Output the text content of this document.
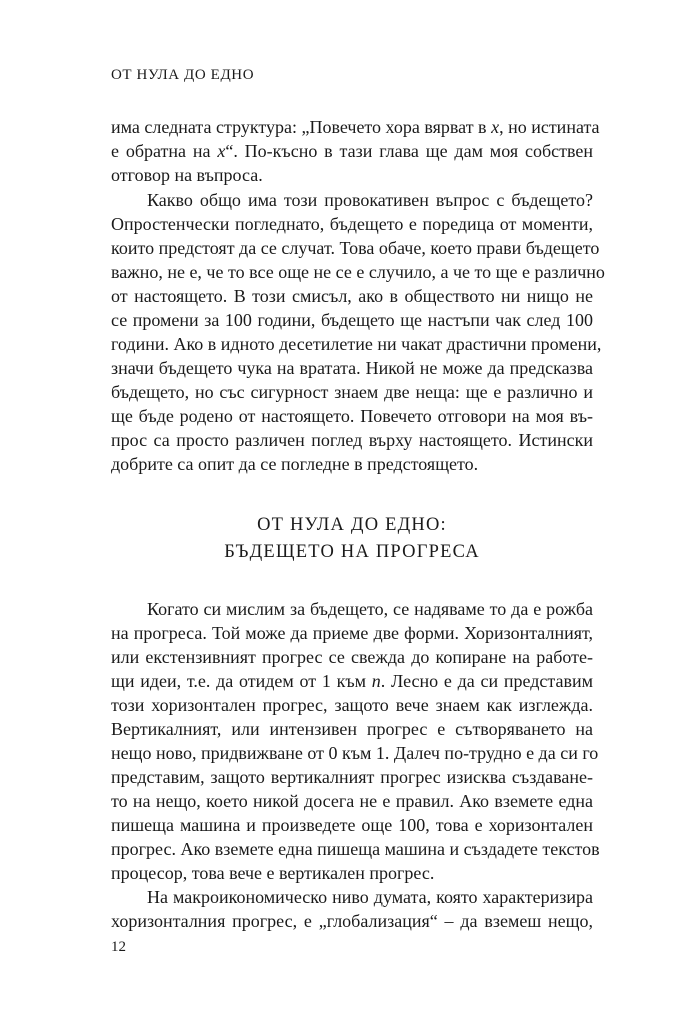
ОТ НУЛА ДО ЕДНО
има следната структура: „Повечето хора вярват в x, но истината
е обратна на x“. По-късно в тази глава ще дам моя собствен
отговор на въпроса.
Какво общо има този провокативен въпрос с бъдещето?
Опростенчески погледнато, бъдещето е поредица от моменти,
които предстоят да се случат. Това обаче, което прави бъдещето
важно, не е, че то все още не се е случило, а че то ще е различно
от настоящето. В този смисъл, ако в обществото ни нищо не
се промени за 100 години, бъдещето ще настъпи чак след 100
години. Ако в идното десетилетие ни чакат драстични промени,
значи бъдещето чука на вратата. Никой не може да предсказва
бъдещето, но със сигурност знаем две неща: ще е различно и
ще бъде родено от настоящето. Повечето отговори на моя въ-
прос са просто различен поглед върху настоящето. Истински
добрите са опит да се погледне в предстоящето.
ОТ НУЛА ДО ЕДНО:
БЪДЕЩЕТО НА ПРОГРЕСА
Когато си мислим за бъдещето, се надяваме то да е рожба
на прогреса. Той може да приеме две форми. Хоризонталният,
или екстензивният прогрес се свежда до копиране на работе-
щи идеи, т.е. да отидем от 1 към n. Лесно е да си представим
този хоризонтален прогрес, защото вече знаем как изглежда.
Вертикалният, или интензивен прогрес е сътворяването на
нещо ново, придвижване от 0 към 1. Далеч по-трудно е да си го
представим, защото вертикалният прогрес изисква създаване-
то на нещо, което никой досега не е правил. Ако вземете една
пишеща машина и произведете още 100, това е хоризонтален
прогрес. Ако вземете една пишеща машина и създадете текстов
процесор, това вече е вертикален прогрес.
На макроикономическо ниво думата, която характеризира
хоризонталния прогрес, е „глобализация“ – да вземеш нещо,
12
